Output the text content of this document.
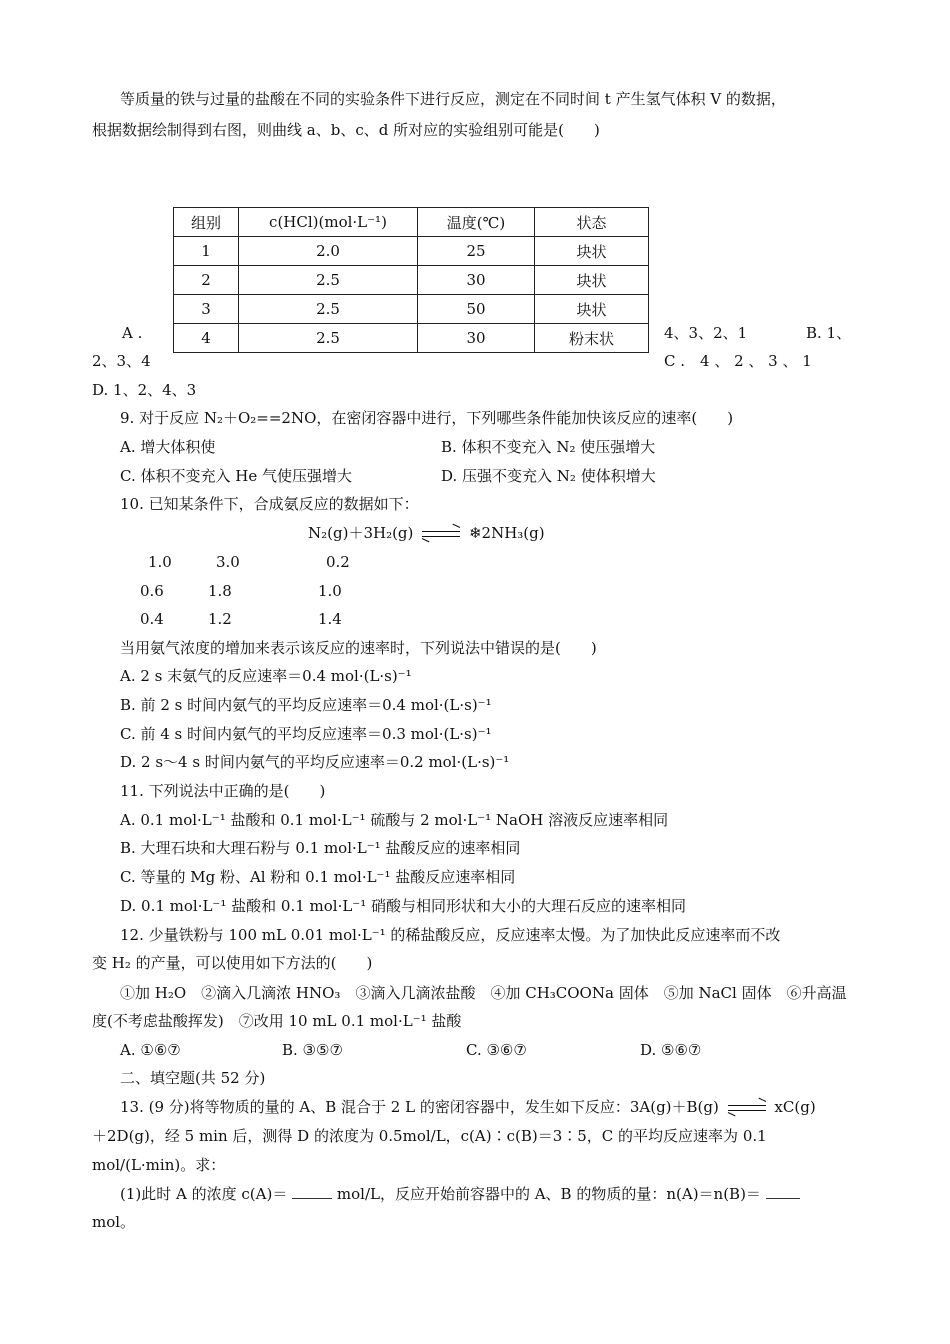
等质量的铁与过量的盐酸在不同的实验条件下进行反应，测定在不同时间 t 产生氢气体积 V 的数据，
根据数据绘制得到右图，则曲线 a、b、c、d 所对应的实验组别可能是(　　)
组别	c(HCl)(mol·L⁻¹)	温度(℃)	状态
1	2.0	25	块状
2	2.5	30	块状
3	2.5	50	块状
4	2.5	30	粉末状
A .	4、3、2、1	B. 1、
2、3、4	C .　4 、 2 、 3 、 1
D. 1、2、4、3
9. 对于反应 N₂＋O₂==2NO，在密闭容器中进行，下列哪些条件能加快该反应的速率(　　)
A. 增大体积使	B. 体积不变充入 N₂ 使压强增大
C. 体积不变充入 He 气使压强增大	D. 压强不变充入 N₂ 使体积增大
10. 已知某条件下，合成氨反应的数据如下：
N₂(g)＋3H₂(g)	❄2NH₃(g)
1.0	3.0	0.2
0.6	1.8	1.0
0.4	1.2	1.4
当用氨气浓度的增加来表示该反应的速率时，下列说法中错误的是(　　)
A. 2 s 末氨气的反应速率＝0.4 mol·(L·s)⁻¹
B. 前 2 s 时间内氨气的平均反应速率＝0.4 mol·(L·s)⁻¹
C. 前 4 s 时间内氨气的平均反应速率＝0.3 mol·(L·s)⁻¹
D. 2 s～4 s 时间内氨气的平均反应速率＝0.2 mol·(L·s)⁻¹
11. 下列说法中正确的是(　　)
A. 0.1 mol·L⁻¹ 盐酸和 0.1 mol·L⁻¹ 硫酸与 2 mol·L⁻¹ NaOH 溶液反应速率相同
B. 大理石块和大理石粉与 0.1 mol·L⁻¹ 盐酸反应的速率相同
C. 等量的 Mg 粉、Al 粉和 0.1 mol·L⁻¹ 盐酸反应速率相同
D. 0.1 mol·L⁻¹ 盐酸和 0.1 mol·L⁻¹ 硝酸与相同形状和大小的大理石反应的速率相同
12. 少量铁粉与 100 mL 0.01 mol·L⁻¹ 的稀盐酸反应，反应速率太慢。为了加快此反应速率而不改
变 H₂ 的产量，可以使用如下方法的(　　)
①加 H₂O　②滴入几滴浓 HNO₃　③滴入几滴浓盐酸　④加 CH₃COONa 固体　⑤加 NaCl 固体　⑥升高温
度(不考虑盐酸挥发)　⑦改用 10 mL 0.1 mol·L⁻¹ 盐酸
A. ①⑥⑦	B. ③⑤⑦	C. ③⑥⑦	D. ⑤⑥⑦
二、填空题(共 52 分)
13. (9 分)将等物质的量的 A、B 混合于 2 L 的密闭容器中，发生如下反应：3A(g)＋B(g)	xC(g)
＋2D(g)，经 5 min 后，测得 D 的浓度为 0.5mol/L，c(A)∶c(B)＝3∶5，C 的平均反应速率为 0.1
mol/(L·min)。求：
(1)此时 A 的浓度 c(A)＝	mol/L，反应开始前容器中的 A、B 的物质的量：n(A)＝n(B)＝
mol。
